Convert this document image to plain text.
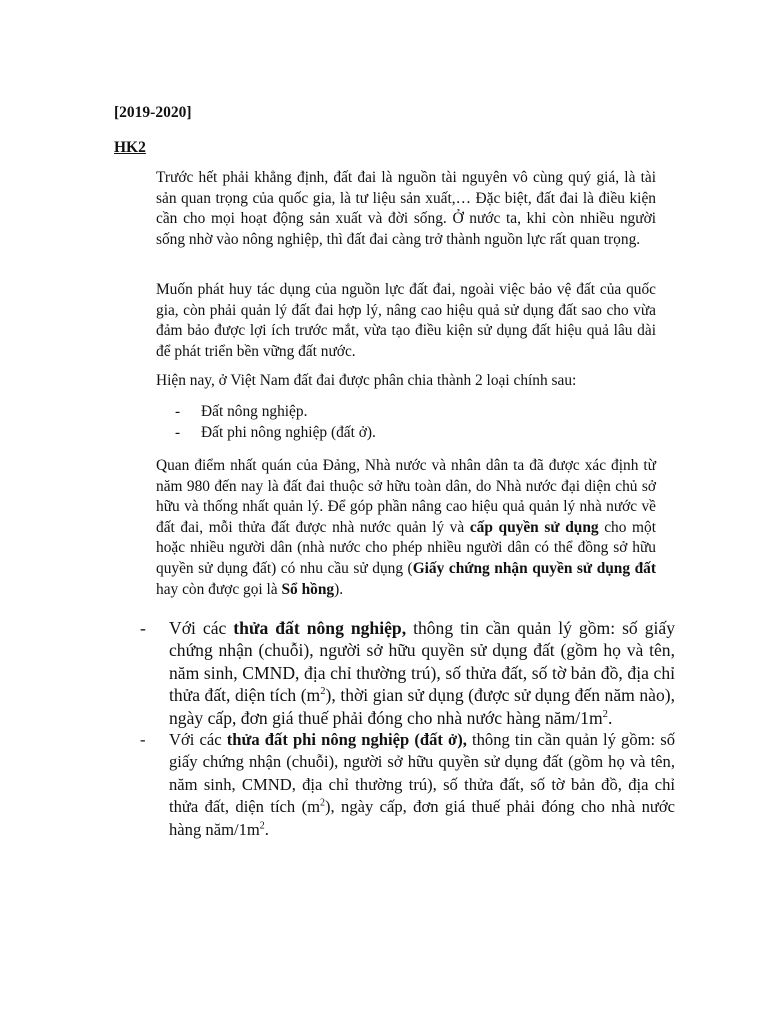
[2019-2020]
HK2

Trước hết phải khẳng định, đất đai là nguồn tài nguyên vô cùng quý giá, là tài sản quan trọng của quốc gia, là tư liệu sản xuất,… Đặc biệt, đất đai là điều kiện cần cho mọi hoạt động sản xuất và đời sống. Ở nước ta, khi còn nhiều người sống nhờ vào nông nghiệp, thì đất đai càng trở thành nguồn lực rất quan trọng.

Muốn phát huy tác dụng của nguồn lực đất đai, ngoài việc bảo vệ đất của quốc gia, còn phải quản lý đất đai hợp lý, nâng cao hiệu quả sử dụng đất sao cho vừa đảm bảo được lợi ích trước mắt, vừa tạo điều kiện sử dụng đất hiệu quả lâu dài để phát triển bền vững đất nước.

Hiện nay, ở Việt Nam đất đai được phân chia thành 2 loại chính sau:

-	Đất nông nghiệp.
-	Đất phi nông nghiệp (đất ở).

Quan điểm nhất quán của Đảng, Nhà nước và nhân dân ta đã được xác định từ năm 980 đến nay là đất đai thuộc sở hữu toàn dân, do Nhà nước đại diện chủ sở hữu và thống nhất quản lý. Để góp phần nâng cao hiệu quả quản lý nhà nước về đất đai, mỗi thửa đất được nhà nước quản lý và cấp quyền sử dụng cho một hoặc nhiều người dân (nhà nước cho phép nhiều người dân có thể đồng sở hữu quyền sử dụng đất) có nhu cầu sử dụng (Giấy chứng nhận quyền sử dụng đất hay còn được gọi là Sổ hồng).

- Với các thửa đất nông nghiệp, thông tin cần quản lý gồm: số giấy chứng nhận (chuỗi), người sở hữu quyền sử dụng đất (gồm họ và tên, năm sinh, CMND, địa chỉ thường trú), số thửa đất, số tờ bản đồ, địa chỉ thửa đất, diện tích $(m^2)$, thời gian sử dụng (được sử dụng đến năm nào), ngày cấp, đơn giá thuế phải đóng cho nhà nước hàng năm/$1m^2$.
- Với các thửa đất phi nông nghiệp (đất ở), thông tin cần quản lý gồm: số giấy chứng nhận (chuỗi), người sở hữu quyền sử dụng đất (gồm họ và tên, năm sinh, CMND, địa chỉ thường trú), số thửa đất, số tờ bản đồ, địa chỉ thửa đất, diện tích $(m^2)$, ngày cấp, đơn giá thuế phải đóng cho nhà nước hàng năm/$1m^2$.
